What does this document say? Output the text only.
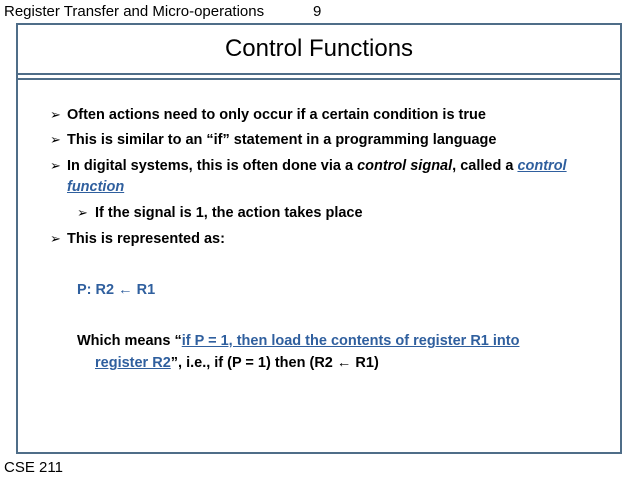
Register Transfer and Micro-operations	9
Control Functions
➢ Often actions need to only occur if a certain condition is true
➢ This is similar to an “if” statement in a programming language
➢ In digital systems, this is often done via a control signal, called a control
function
➢ If the signal is 1, the action takes place
➢ This is represented as:
P: R2 ← R1
Which means “if P = 1, then load the contents of register R1 into
register R2”, i.e., if (P = 1) then (R2 ← R1)
CSE 211
